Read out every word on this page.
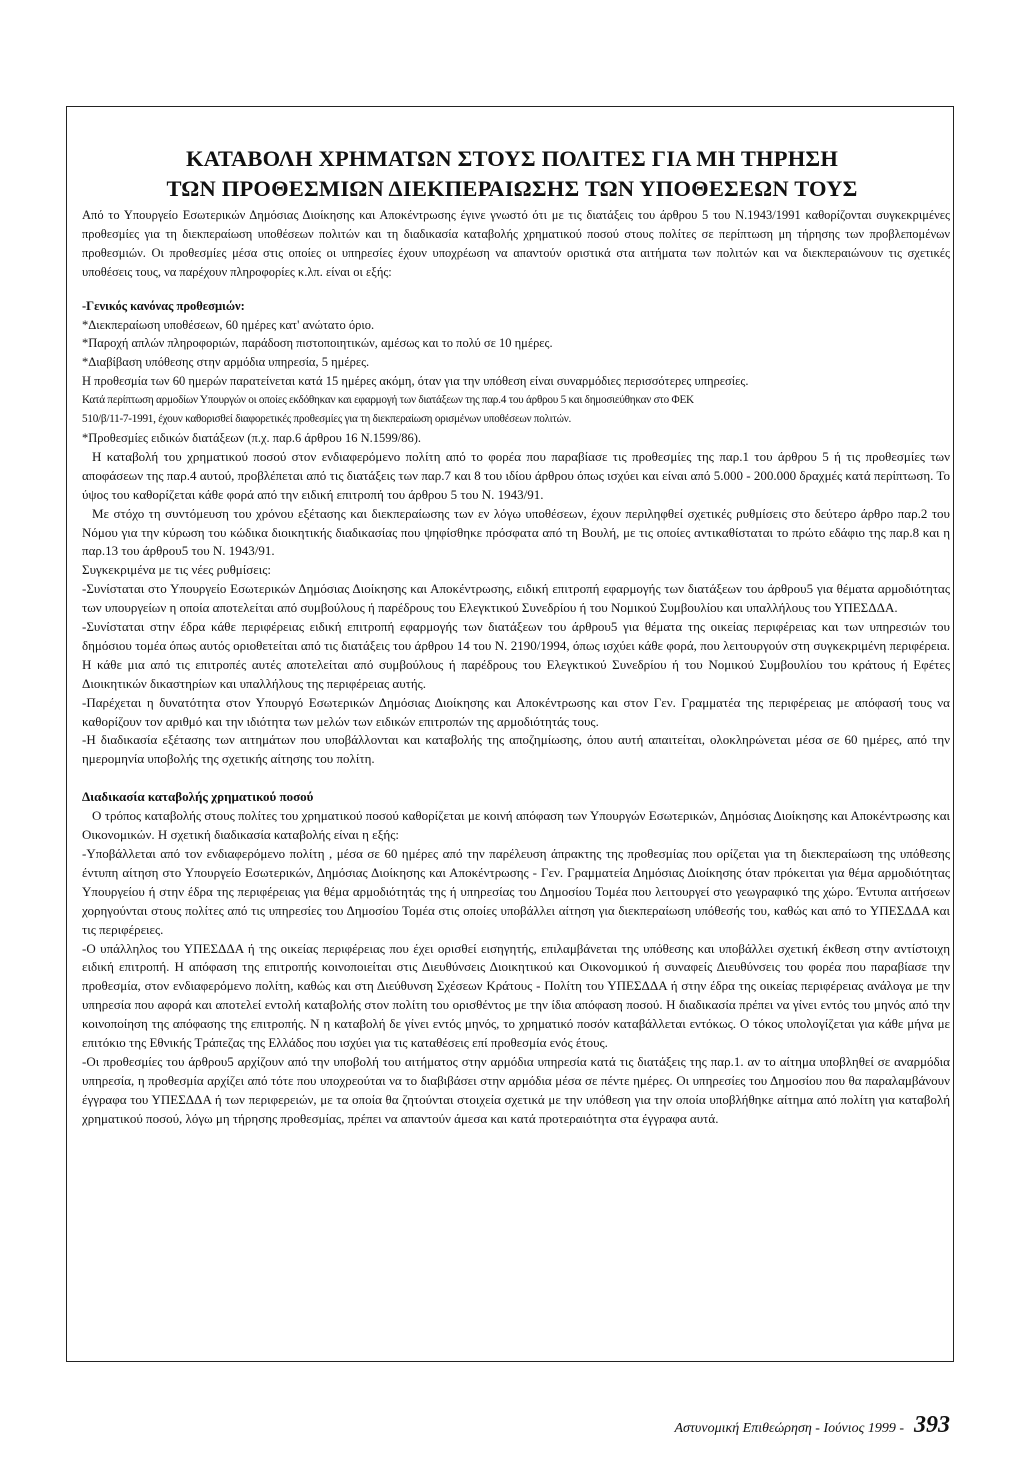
ΚΑΤΑΒΟΛΗ ΧΡΗΜΑΤΩΝ ΣΤΟΥΣ ΠΟΛΙΤΕΣ ΓΙΑ ΜΗ ΤΗΡΗΣΗ
ΤΩΝ ΠΡΟΘΕΣΜΙΩΝ ΔΙΕΚΠΕΡΑΙΩΣΗΣ ΤΩΝ ΥΠΟΘΕΣΕΩΝ ΤΟΥΣ

Από το Υπουργείο Εσωτερικών Δημόσιας Διοίκησης και Αποκέντρωσης έγινε γνωστό ότι με τις διατάξεις του άρθρου 5 του Ν.1943/1991 καθορίζονται συγκεκριμένες προθεσμίες για τη διεκπεραίωση υποθέσεων πολιτών και τη διαδικασία καταβολής χρηματικού ποσού στους πολίτες σε περίπτωση μη τήρησης των προβλεπομένων προθεσμιών. Οι προθεσμίες μέσα στις οποίες οι υπηρεσίες έχουν υποχρέωση να απαντούν οριστικά στα αιτήματα των πολιτών και να διεκπεραιώνουν τις σχετικές υποθέσεις τους, να παρέχουν πληροφορίες κ.λπ. είναι οι εξής:

-Γενικός κανόνας προθεσμιών:

*Διεκπεραίωση υποθέσεων, 60 ημέρες κατ' ανώτατο όριο.

*Παροχή απλών πληροφοριών, παράδοση πιστοποιητικών, αμέσως και το πολύ σε 10 ημέρες.

*Διαβίβαση υπόθεσης στην αρμόδια υπηρεσία, 5 ημέρες.

Η προθεσμία των 60 ημερών παρατείνεται κατά 15 ημέρες ακόμη, όταν για την υπόθεση είναι συναρμόδιες περισσότερες υπηρεσίες.

Κατά περίπτωση αρμοδίων Υπουργών οι οποίες εκδόθηκαν και εφαρμογή των διατάξεων της παρ.4 του άρθρου 5 και δημοσιεύθηκαν στο ΦΕΚ

510/β/11-7-1991, έχουν καθορισθεί διαφορετικές προθεσμίες για τη διεκπεραίωση ορισμένων υποθέσεων πολιτών.

*Προθεσμίες ειδικών διατάξεων (π.χ. παρ.6 άρθρου 16 Ν.1599/86).

Η καταβολή του χρηματικού ποσού στον ενδιαφερόμενο πολίτη από το φορέα που παραβίασε τις προθεσμίες της παρ.1 του άρθρου 5 ή τις προθεσμίες των αποφάσεων της παρ.4 αυτού, προβλέπεται από τις διατάξεις των παρ.7 και 8 του ιδίου άρθρου όπως ισχύει και είναι από 5.000 - 200.000 δραχμές κατά περίπτωση. Το ύψος του καθορίζεται κάθε φορά από την ειδική επιτροπή του άρθρου 5 του Ν. 1943/91.

Με στόχο τη συντόμευση του χρόνου εξέτασης και διεκπεραίωσης των εν λόγω υποθέσεων, έχουν περιληφθεί σχετικές ρυθμίσεις στο δεύτερο άρθρο παρ.2 του Νόμου για την κύρωση του κώδικα διοικητικής διαδικασίας που ψηφίσθηκε πρόσφατα από τη Βουλή, με τις οποίες αντικαθίσταται το πρώτο εδάφιο της παρ.8 και η παρ.13 του άρθρου5 του Ν. 1943/91.

Συγκεκριμένα με τις νέες ρυθμίσεις:

-Συνίσταται στο Υπουργείο Εσωτερικών Δημόσιας Διοίκησης και Αποκέντρωσης, ειδική επιτροπή εφαρμογής των διατάξεων του άρθρου5 για θέματα αρμοδιότητας των υπουργείων η οποία αποτελείται από συμβούλους ή παρέδρους του Ελεγκτικού Συνεδρίου ή του Νομικού Συμβουλίου και υπαλλήλους του ΥΠΕΣΔΔΑ.

-Συνίσταται στην έδρα κάθε περιφέρειας ειδική επιτροπή εφαρμογής των διατάξεων του άρθρου5 για θέματα της οικείας περιφέρειας και των υπηρεσιών του δημόσιου τομέα όπως αυτός οριοθετείται από τις διατάξεις του άρθρου 14 του Ν. 2190/1994, όπως ισχύει κάθε φορά, που λειτουργούν στη συγκεκριμένη περιφέρεια. Η κάθε μια από τις επιτροπές αυτές αποτελείται από συμβούλους ή παρέδρους του Ελεγκτικού Συνεδρίου ή του Νομικού Συμβουλίου του κράτους ή Εφέτες Διοικητικών δικαστηρίων και υπαλλήλους της περιφέρειας αυτής.

-Παρέχεται η δυνατότητα στον Υπουργό Εσωτερικών Δημόσιας Διοίκησης και Αποκέντρωσης και στον Γεν. Γραμματέα της περιφέρειας με απόφασή τους να καθορίζουν τον αριθμό και την ιδιότητα των μελών των ειδικών επιτροπών της αρμοδιότητάς τους.

-Η διαδικασία εξέτασης των αιτημάτων που υποβάλλονται και καταβολής της αποζημίωσης, όπου αυτή απαιτείται, ολοκληρώνεται μέσα σε 60 ημέρες, από την ημερομηνία υποβολής της σχετικής αίτησης του πολίτη.

Διαδικασία καταβολής χρηματικού ποσού

Ο τρόπος καταβολής στους πολίτες του χρηματικού ποσού καθορίζεται με κοινή απόφαση των Υπουργών Εσωτερικών, Δημόσιας Διοίκησης και Αποκέντρωσης και Οικονομικών. Η σχετική διαδικασία καταβολής είναι η εξής:

-Υποβάλλεται από τον ενδιαφερόμενο πολίτη , μέσα σε 60 ημέρες από την παρέλευση άπρακτης της προθεσμίας που ορίζεται για τη διεκπεραίωση της υπόθεσης έντυπη αίτηση στο Υπουργείο Εσωτερικών, Δημόσιας Διοίκησης και Αποκέντρωσης - Γεν. Γραμματεία Δημόσιας Διοίκησης όταν πρόκειται για θέμα αρμοδιότητας Υπουργείου ή στην έδρα της περιφέρειας για θέμα αρμοδιότητάς της ή υπηρεσίας του Δημοσίου Τομέα που λειτουργεί στο γεωγραφικό της χώρο. Έντυπα αιτήσεων χορηγούνται στους πολίτες από τις υπηρεσίες του Δημοσίου Τομέα στις οποίες υποβάλλει αίτηση για διεκπεραίωση υπόθεσής του, καθώς και από το ΥΠΕΣΔΔΑ και τις περιφέρειες.

-Ο υπάλληλος του ΥΠΕΣΔΔΑ ή της οικείας περιφέρειας που έχει ορισθεί εισηγητής, επιλαμβάνεται της υπόθεσης και υποβάλλει σχετική έκθεση στην αντίστοιχη ειδική επιτροπή. Η απόφαση της επιτροπής κοινοποιείται στις Διευθύνσεις Διοικητικού και Οικονομικού ή συναφείς Διευθύνσεις του φορέα που παραβίασε την προθεσμία, στον ενδιαφερόμενο πολίτη, καθώς και στη Διεύθυνση Σχέσεων Κράτους - Πολίτη του ΥΠΕΣΔΔΑ ή στην έδρα της οικείας περιφέρειας ανάλογα με την υπηρεσία που αφορά και αποτελεί εντολή καταβολής στον πολίτη του ορισθέντος με την ίδια απόφαση ποσού. Η διαδικασία πρέπει να γίνει εντός του μηνός από την κοινοποίηση της απόφασης της επιτροπής. Ν η καταβολή δε γίνει εντός μηνός, το χρηματικό ποσόν καταβάλλεται εντόκως. Ο τόκος υπολογίζεται για κάθε μήνα με επιτόκιο της Εθνικής Τράπεζας της Ελλάδος που ισχύει για τις καταθέσεις επί προθεσμία ενός έτους.

-Οι προθεσμίες του άρθρου5 αρχίζουν από την υποβολή του αιτήματος στην αρμόδια υπηρεσία κατά τις διατάξεις της παρ.1. αν το αίτημα υποβληθεί σε αναρμόδια υπηρεσία, η προθεσμία αρχίζει από τότε που υποχρεούται να το διαβιβάσει στην αρμόδια μέσα σε πέντε ημέρες. Οι υπηρεσίες του Δημοσίου που θα παραλαμβάνουν έγγραφα του ΥΠΕΣΔΔΑ ή των περιφερειών, με τα οποία θα ζητούνται στοιχεία σχετικά με την υπόθεση για την οποία υποβλήθηκε αίτημα από πολίτη για καταβολή χρηματικού ποσού, λόγω μη τήρησης προθεσμίας, πρέπει να απαντούν άμεσα και κατά προτεραιότητα στα έγγραφα αυτά.

Αστυνομική Επιθεώρηση - Ιούνιος 1999 - 393
